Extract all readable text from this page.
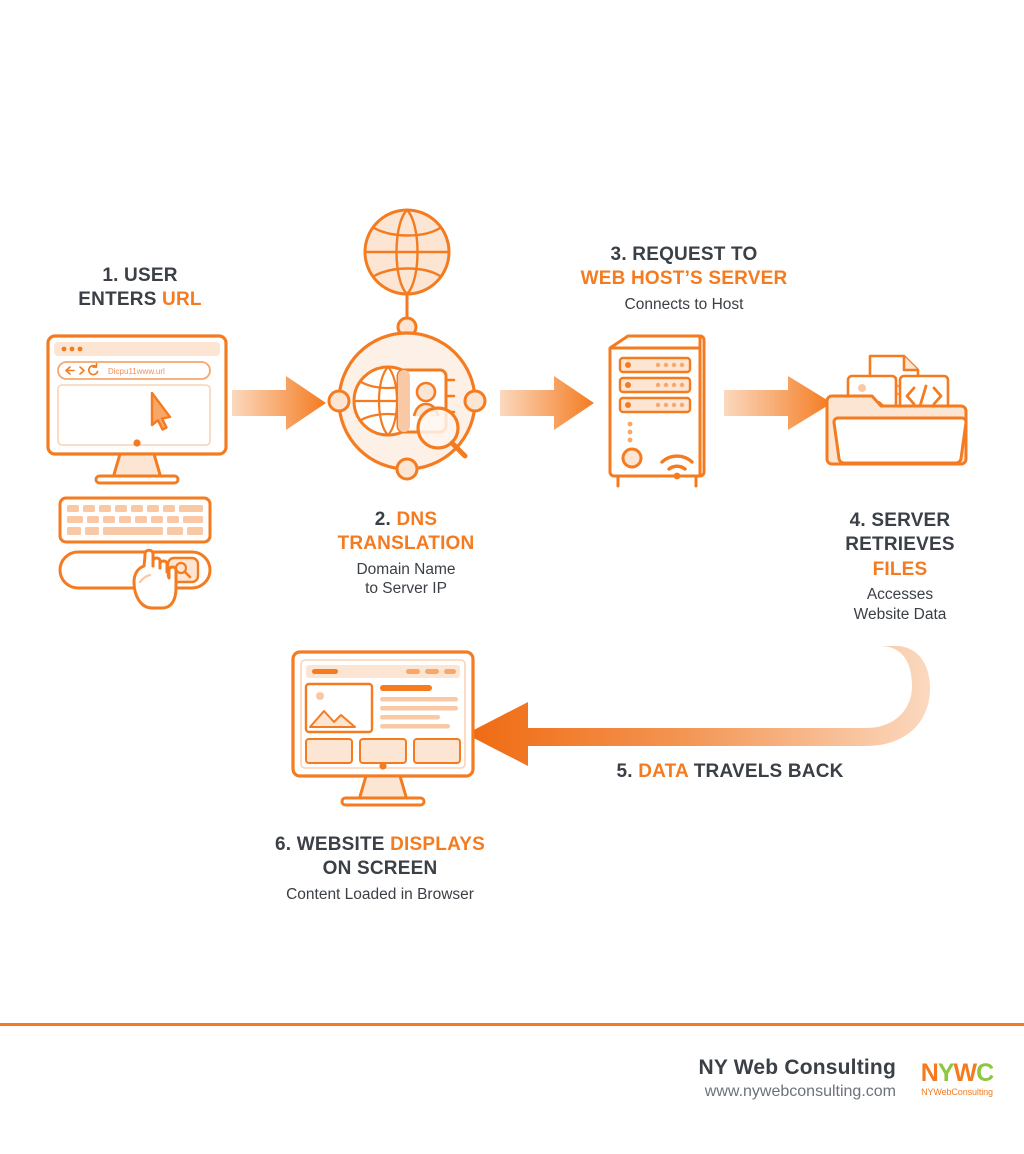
Dicpu11www.url
1. USER
ENTERS URL
2. DNS
TRANSLATION
Domain Name
to Server IP
3. REQUEST TO
WEB HOST’S SERVER
Connects to Host
4. SERVER
RETRIEVES
FILES
Accesses
Website Data
5. DATA TRAVELS BACK
6. WEBSITE DISPLAYS
ON SCREEN
Content Loaded in Browser
NY Web Consulting
www.nywebconsulting.com
NYWC
NYWebConsulting
